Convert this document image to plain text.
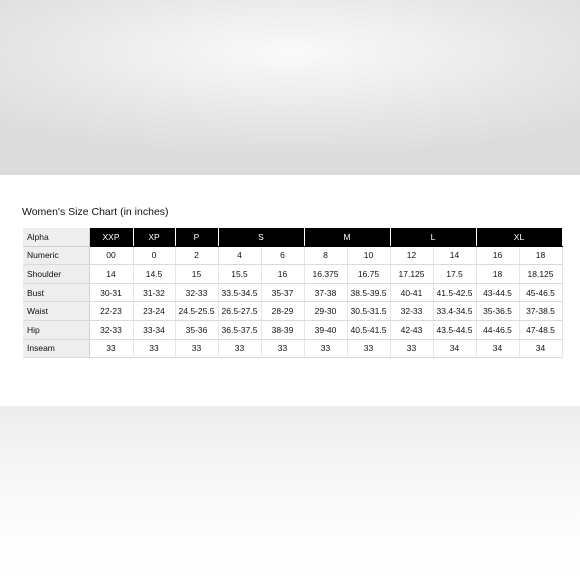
Women's Size Chart (in inches)
Alpha	XXP	XP	P	S		M		L		XL	
Numeric	00	0	2	4	6	8	10	12	14	16	18
Shoulder	14	14.5	15	15.5	16	16.375	16.75	17.125	17.5	18	18.125
Bust	30-31	31-32	32-33	33.5-34.5	35-37	37-38	38.5-39.5	40-41	41.5-42.5	43-44.5	45-46.5
Waist	22-23	23-24	24.5-25.5	26.5-27.5	28-29	29-30	30.5-31.5	32-33	33.4-34.5	35-36.5	37-38.5
Hip	32-33	33-34	35-36	36.5-37.5	38-39	39-40	40.5-41.5	42-43	43.5-44.5	44-46.5	47-48.5
Inseam	33	33	33	33	33	33	33	33	34	34	34
